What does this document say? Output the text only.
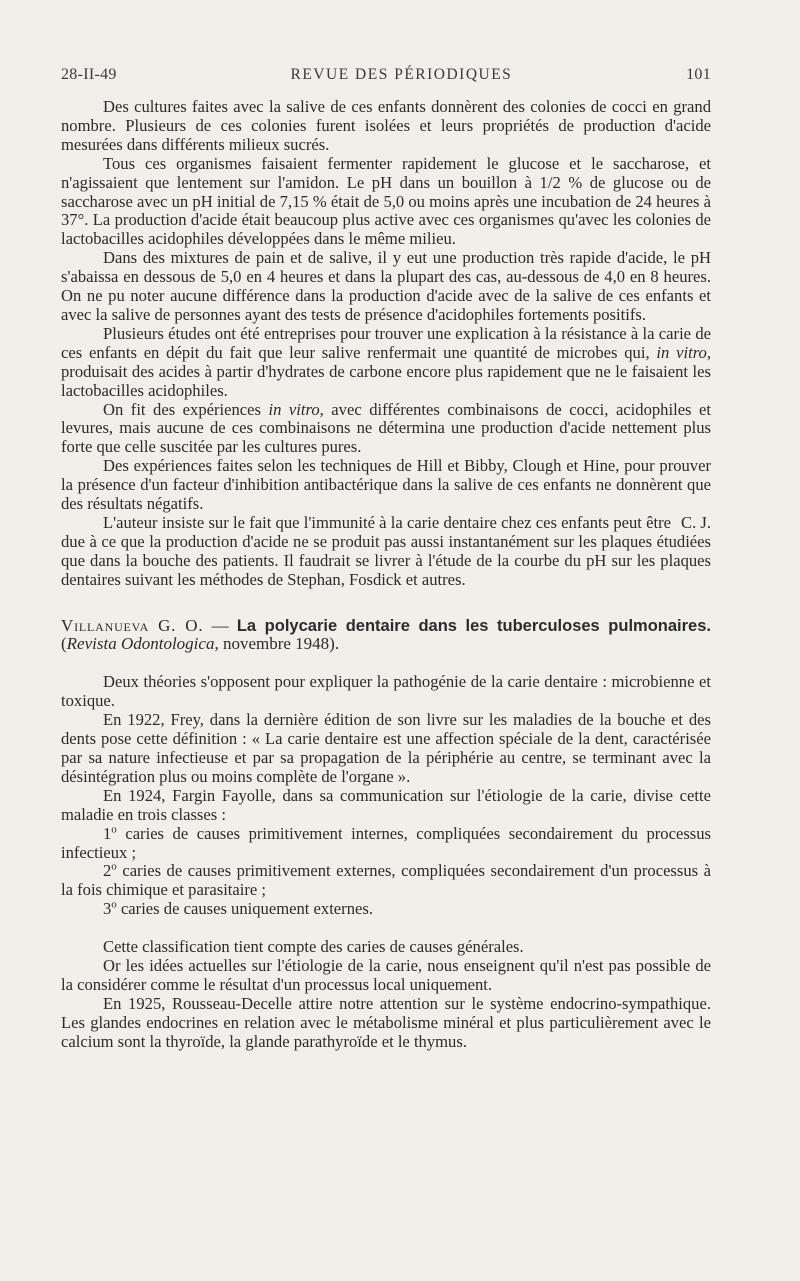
28-II-49	REVUE DES PÉRIODIQUES	101

Des cultures faites avec la salive de ces enfants donnèrent des colonies de cocci en grand nombre. Plusieurs de ces colonies furent isolées et leurs propriétés de production d'acide mesurées dans différents milieux sucrés.

Tous ces organismes faisaient fermenter rapidement le glucose et le saccharose, et n'agissaient que lentement sur l'amidon. Le pH dans un bouillon à 1/2 % de glucose ou de saccharose avec un pH initial de 7,15 % était de 5,0 ou moins après une incubation de 24 heures à 37°. La production d'acide était beaucoup plus active avec ces organismes qu'avec les colonies de lactobacilles acidophiles développées dans le même milieu.

Dans des mixtures de pain et de salive, il y eut une production très rapide d'acide, le pH s'abaissa en dessous de 5,0 en 4 heures et dans la plupart des cas, au-dessous de 4,0 en 8 heures. On ne pu noter aucune différence dans la production d'acide avec de la salive de ces enfants et avec la salive de personnes ayant des tests de présence d'acidophiles fortements positifs.

Plusieurs études ont été entreprises pour trouver une explication à la résistance à la carie de ces enfants en dépit du fait que leur salive renfermait une quantité de microbes qui, in vitro, produisait des acides à partir d'hydrates de carbone encore plus rapidement que ne le faisaient les lactobacilles acidophiles.

On fit des expériences in vitro, avec différentes combinaisons de cocci, acidophiles et levures, mais aucune de ces combinaisons ne détermina une production d'acide nettement plus forte que celle suscitée par les cultures pures.

Des expériences faites selon les techniques de Hill et Bibby, Clough et Hine, pour prouver la présence d'un facteur d'inhibition antibactérique dans la salive de ces enfants ne donnèrent que des résultats négatifs.

C. J.
L'auteur insiste sur le fait que l'immunité à la carie dentaire chez ces enfants peut être due à ce que la production d'acide ne se produit pas aussi instantanément sur les plaques étudiées que dans la bouche des patients. Il faudrait se livrer à l'étude de la courbe du pH sur les plaques dentaires suivant les méthodes de Stephan, Fosdick et autres.

Villanueva G. O. — La polycarie dentaire dans les tuberculoses pulmonaires. (Revista Odontologica, novembre 1948).

Deux théories s'opposent pour expliquer la pathogénie de la carie dentaire : microbienne et toxique.

En 1922, Frey, dans la dernière édition de son livre sur les maladies de la bouche et des dents pose cette définition : « La carie dentaire est une affection spéciale de la dent, caractérisée par sa nature infectieuse et par sa propagation de la périphérie au centre, se terminant avec la désintégration plus ou moins complète de l'organe ».

En 1924, Fargin Fayolle, dans sa communication sur l'étiologie de la carie, divise cette maladie en trois classes :

1$^o$ caries de causes primitivement internes, compliquées secondairement du processus infectieux ;

2$^o$ caries de causes primitivement externes, compliquées secondairement d'un processus à la fois chimique et parasitaire ;

3$^o$ caries de causes uniquement externes.

Cette classification tient compte des caries de causes générales.

Or les idées actuelles sur l'étiologie de la carie, nous enseignent qu'il n'est pas possible de la considérer comme le résultat d'un processus local uniquement.

En 1925, Rousseau-Decelle attire notre attention sur le système endocrino-sympathique. Les glandes endocrines en relation avec le métabolisme minéral et plus particulièrement avec le calcium sont la thyroïde, la glande parathyroïde et le thymus.
